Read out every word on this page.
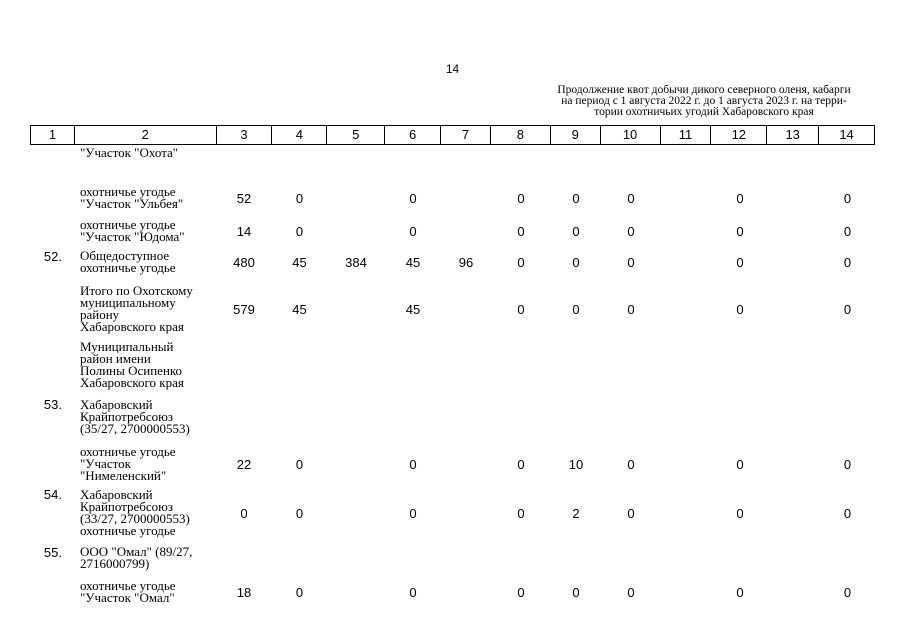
14
Продолжение квот добычи дикого северного оленя, кабарги
на период с 1 августа 2022 г. до 1 августа 2023 г. на терри-
тории охотничьих угодий Хабаровского края
1	2	3	4	5	6	7	8	9	10	11	12	13	14
"Участок "Охота"
охотничье угодье
"Участок "Ульбея"	52	0	0	0	0	0	0	0
охотничье угодье
"Участок "Юдома"	14	0	0	0	0	0	0	0
52.	Общедоступное
охотничье угодье	480	45	384	45	96	0	0	0	0	0
Итого по Охотскому
муниципальному
району
Хабаровского края
579	45	45	0	0	0	0	0
Муниципальный
район имени
Полины Осипенко
Хабаровского края
53.	Хабаровский
Крайпотребсоюз
(35/27, 2700000553)
охотничье угодье
"Участок
"Нимеленский"
22	0	0	0	10	0	0	0
54.	Хабаровский
Крайпотребсоюз
(33/27, 2700000553)
охотничье угодье
0	0	0	0	2	0	0	0
55.	ООО "Омал" (89/27,
2716000799)
охотничье угодье
"Участок "Омал"	18	0	0	0	0	0	0	0
